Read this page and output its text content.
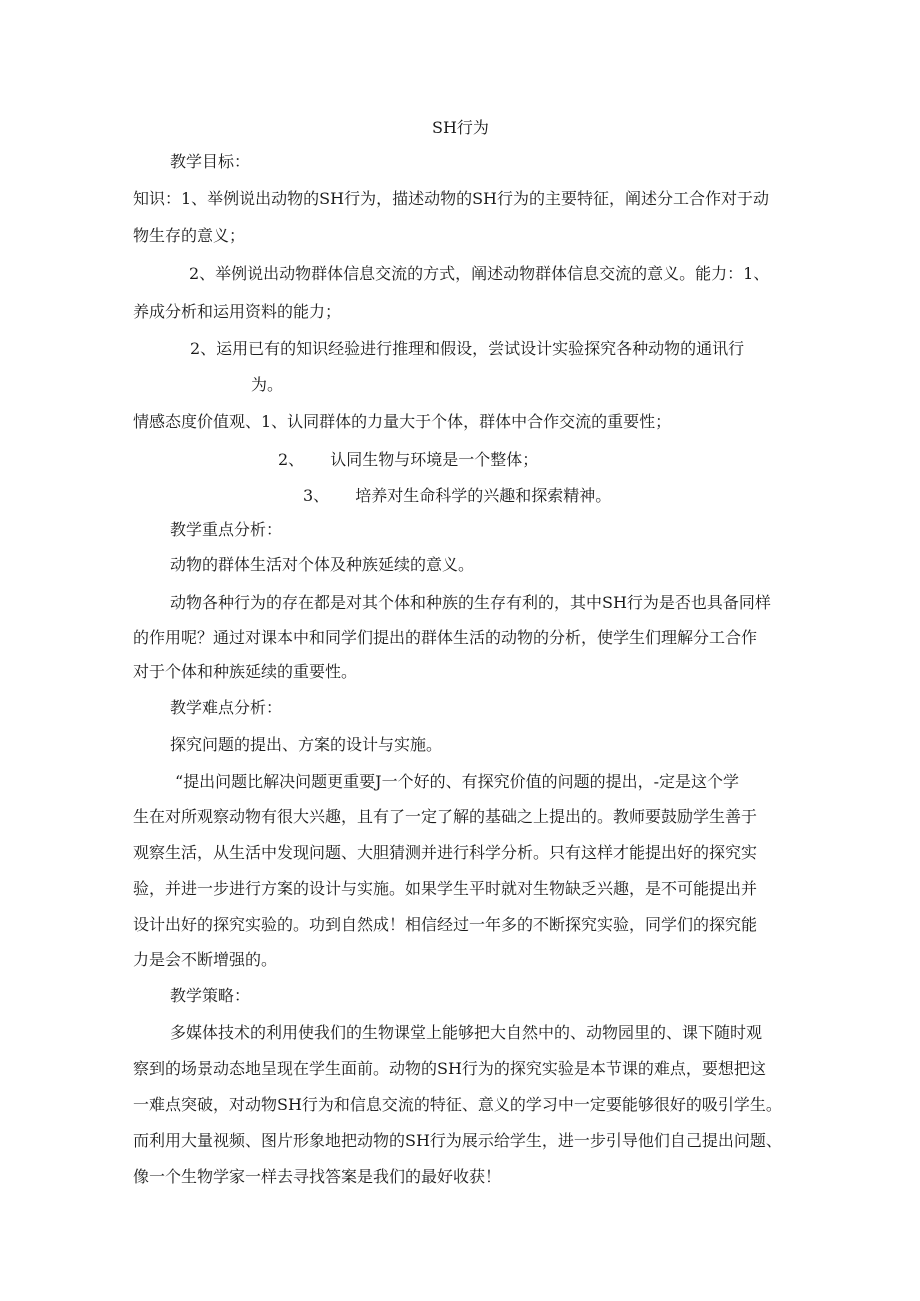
SH行为

教学目标：

知识：1、举例说出动物的SH行为，描述动物的SH行为的主要特征，阐述分工合作对于动

物生存的意义；

2、举例说出动物群体信息交流的方式，阐述动物群体信息交流的意义。能力：1、

养成分析和运用资料的能力；

2、运用已有的知识经验进行推理和假设，尝试设计实验探究各种动物的通讯行

为。

情感态度价值观、1、认同群体的力量大于个体，群体中合作交流的重要性；

2、 认同生物与环境是一个整体；

3、 培养对生命科学的兴趣和探索精神。

教学重点分析：

动物的群体生活对个体及种族延续的意义。

动物各种行为的存在都是对其个体和种族的生存有利的，其中SH行为是否也具备同样

的作用呢？通过对课本中和同学们提出的群体生活的动物的分析，使学生们理解分工合作

对于个体和种族延续的重要性。

教学难点分析：

探究问题的提出、方案的设计与实施。

“提出问题比解决问题更重要J一个好的、有探究价值的问题的提出，-定是这个学

生在对所观察动物有很大兴趣，且有了一定了解的基础之上提出的。教师要鼓励学生善于

观察生活，从生活中发现问题、大胆猜测并进行科学分析。只有这样才能提出好的探究实

验，并进一步进行方案的设计与实施。如果学生平时就对生物缺乏兴趣，是不可能提出并

设计出好的探究实验的。功到自然成！相信经过一年多的不断探究实验，同学们的探究能

力是会不断增强的。

教学策略：

多媒体技术的利用使我们的生物课堂上能够把大自然中的、动物园里的、课下随时观

察到的场景动态地呈现在学生面前。动物的SH行为的探究实验是本节课的难点，要想把这

一难点突破，对动物SH行为和信息交流的特征、意义的学习中一定要能够很好的吸引学生。

而利用大量视频、图片形象地把动物的SH行为展示给学生，进一步引导他们自己提出问题、

像一个生物学家一样去寻找答案是我们的最好收获！
